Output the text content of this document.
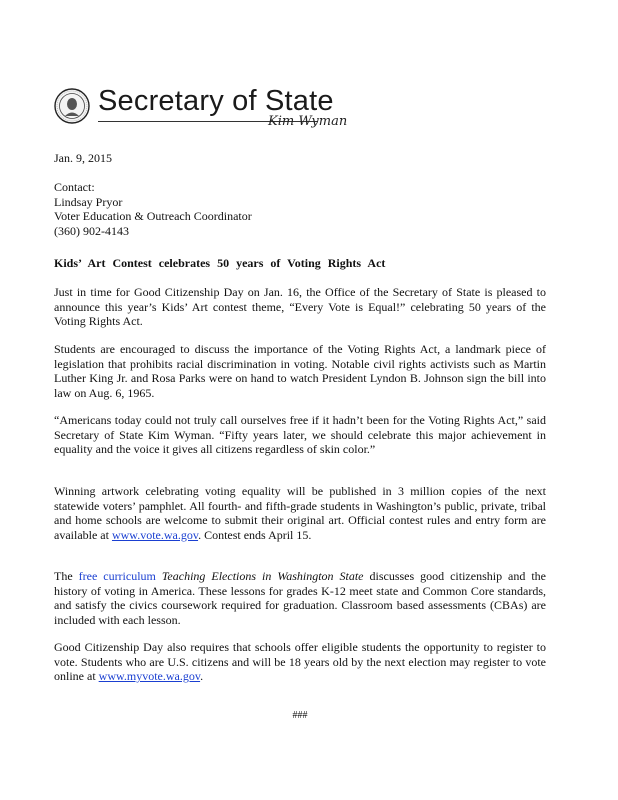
Secretary of State
Kim Wyman
Jan. 9, 2015
Contact:
Lindsay Pryor
Voter Education & Outreach Coordinator
(360) 902-4143
Kids’ Art Contest celebrates 50 years of Voting Rights Act
Just in time for Good Citizenship Day on Jan. 16, the Office of the Secretary of State is pleased to announce this year’s Kids’ Art contest theme, “Every Vote is Equal!” celebrating 50 years of the Voting Rights Act.
Students are encouraged to discuss the importance of the Voting Rights Act, a landmark piece of legislation that prohibits racial discrimination in voting. Notable civil rights activists such as Martin Luther King Jr. and Rosa Parks were on hand to watch President Lyndon B. Johnson sign the bill into law on Aug. 6, 1965.
“Americans today could not truly call ourselves free if it hadn’t been for the Voting Rights Act,” said Secretary of State Kim Wyman. “Fifty years later, we should celebrate this major achievement in equality and the voice it gives all citizens regardless of skin color.”
Winning artwork celebrating voting equality will be published in 3 million copies of the next statewide voters’ pamphlet. All fourth- and fifth-grade students in Washington’s public, private, tribal and home schools are welcome to submit their original art. Official contest rules and entry form are available at www.vote.wa.gov. Contest ends April 15.
The free curriculum Teaching Elections in Washington State discusses good citizenship and the history of voting in America. These lessons for grades K-12 meet state and Common Core standards, and satisfy the civics coursework required for graduation. Classroom based assessments (CBAs) are included with each lesson.
Good Citizenship Day also requires that schools offer eligible students the opportunity to register to vote. Students who are U.S. citizens and will be 18 years old by the next election may register to vote online at www.myvote.wa.gov.
###
